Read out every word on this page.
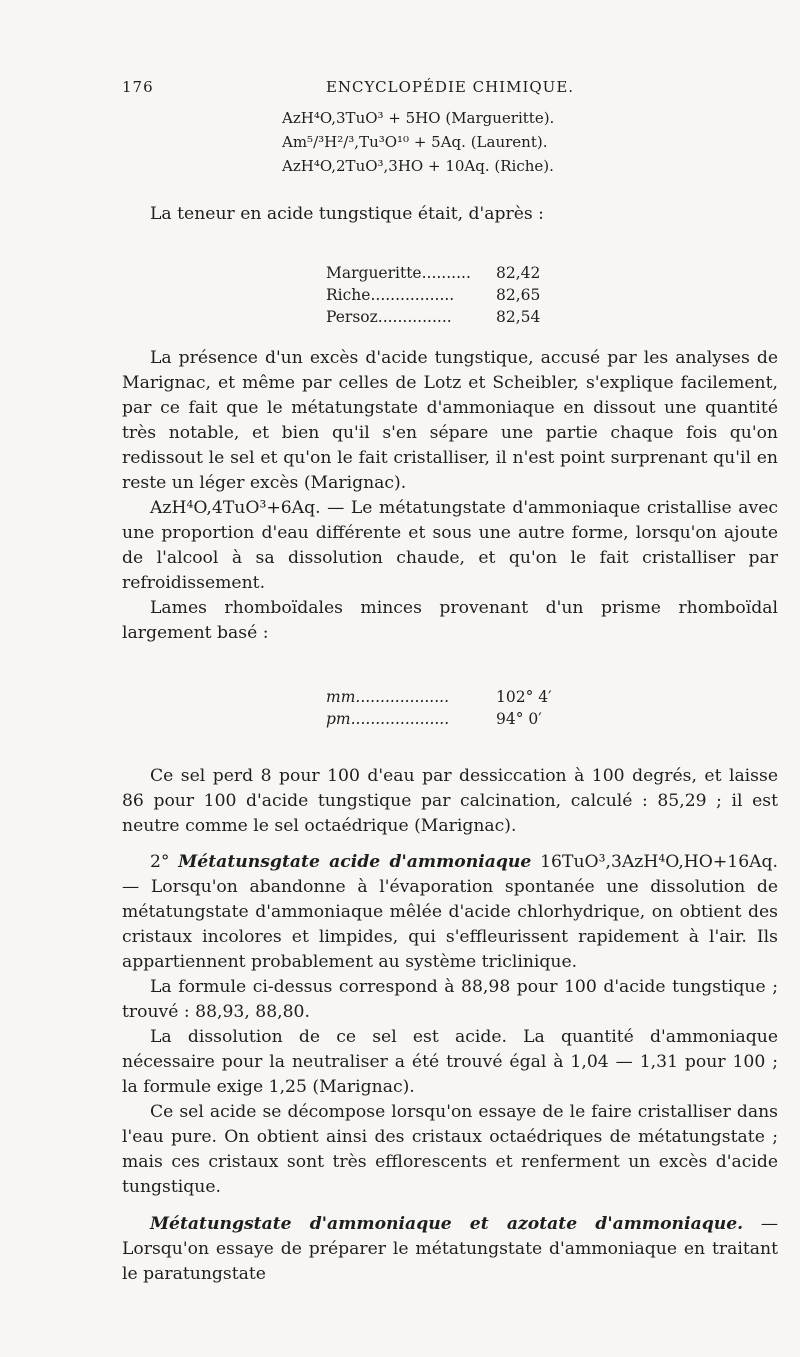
176	ENCYCLOPÉDIE CHIMIQUE.
AzH⁴O,3TuO³ + 5HO (Margueritte).
Am⁵/³H²/³,Tu³O¹⁰ + 5Aq. (Laurent).
AzH⁴O,2TuO³,3HO + 10Aq. (Riche).

La teneur en acide tungstique était, d'après :

Margueritte..........	82,42
Riche.................	82,65
Persoz...............	82,54

La présence d'un excès d'acide tungstique, accusé par les analyses de Marignac, et même par celles de Lotz et Scheibler, s'explique facilement, par ce fait que le métatungstate d'ammoniaque en dissout une quantité très notable, et bien qu'il s'en sépare une partie chaque fois qu'on redissout le sel et qu'on le fait cristalliser, il n'est point surprenant qu'il en reste un léger excès (Marignac).

AzH⁴O,4TuO³+6Aq. — Le métatungstate d'ammoniaque cristallise avec une proportion d'eau différente et sous une autre forme, lorsqu'on ajoute de l'alcool à sa dissolution chaude, et qu'on le fait cristalliser par refroidissement.

Lames rhomboïdales minces provenant d'un prisme rhomboïdal largement basé :

mm...................	102° 4′
pm....................	94° 0′

Ce sel perd 8 pour 100 d'eau par dessiccation à 100 degrés, et laisse 86 pour 100 d'acide tungstique par calcination, calculé : 85,29 ; il est neutre comme le sel octaédrique (Marignac).

2° Métatunsgtate acide d'ammoniaque 16TuO³,3AzH⁴O,HO+16Aq. — Lorsqu'on abandonne à l'évaporation spontanée une dissolution de métatungstate d'ammoniaque mêlée d'acide chlorhydrique, on obtient des cristaux incolores et limpides, qui s'effleurissent rapidement à l'air. Ils appartiennent probablement au système triclinique.

La formule ci-dessus correspond à 88,98 pour 100 d'acide tungstique ; trouvé : 88,93, 88,80.

La dissolution de ce sel est acide. La quantité d'ammoniaque nécessaire pour la neutraliser a été trouvé égal à 1,04 — 1,31 pour 100 ; la formule exige 1,25 (Marignac).

Ce sel acide se décompose lorsqu'on essaye de le faire cristalliser dans l'eau pure. On obtient ainsi des cristaux octaédriques de métatungstate ; mais ces cristaux sont très efflorescents et renferment un excès d'acide tungstique.

Métatungstate d'ammoniaque et azotate d'ammoniaque. — Lorsqu'on essaye de préparer le métatungstate d'ammoniaque en traitant le paratungstate
